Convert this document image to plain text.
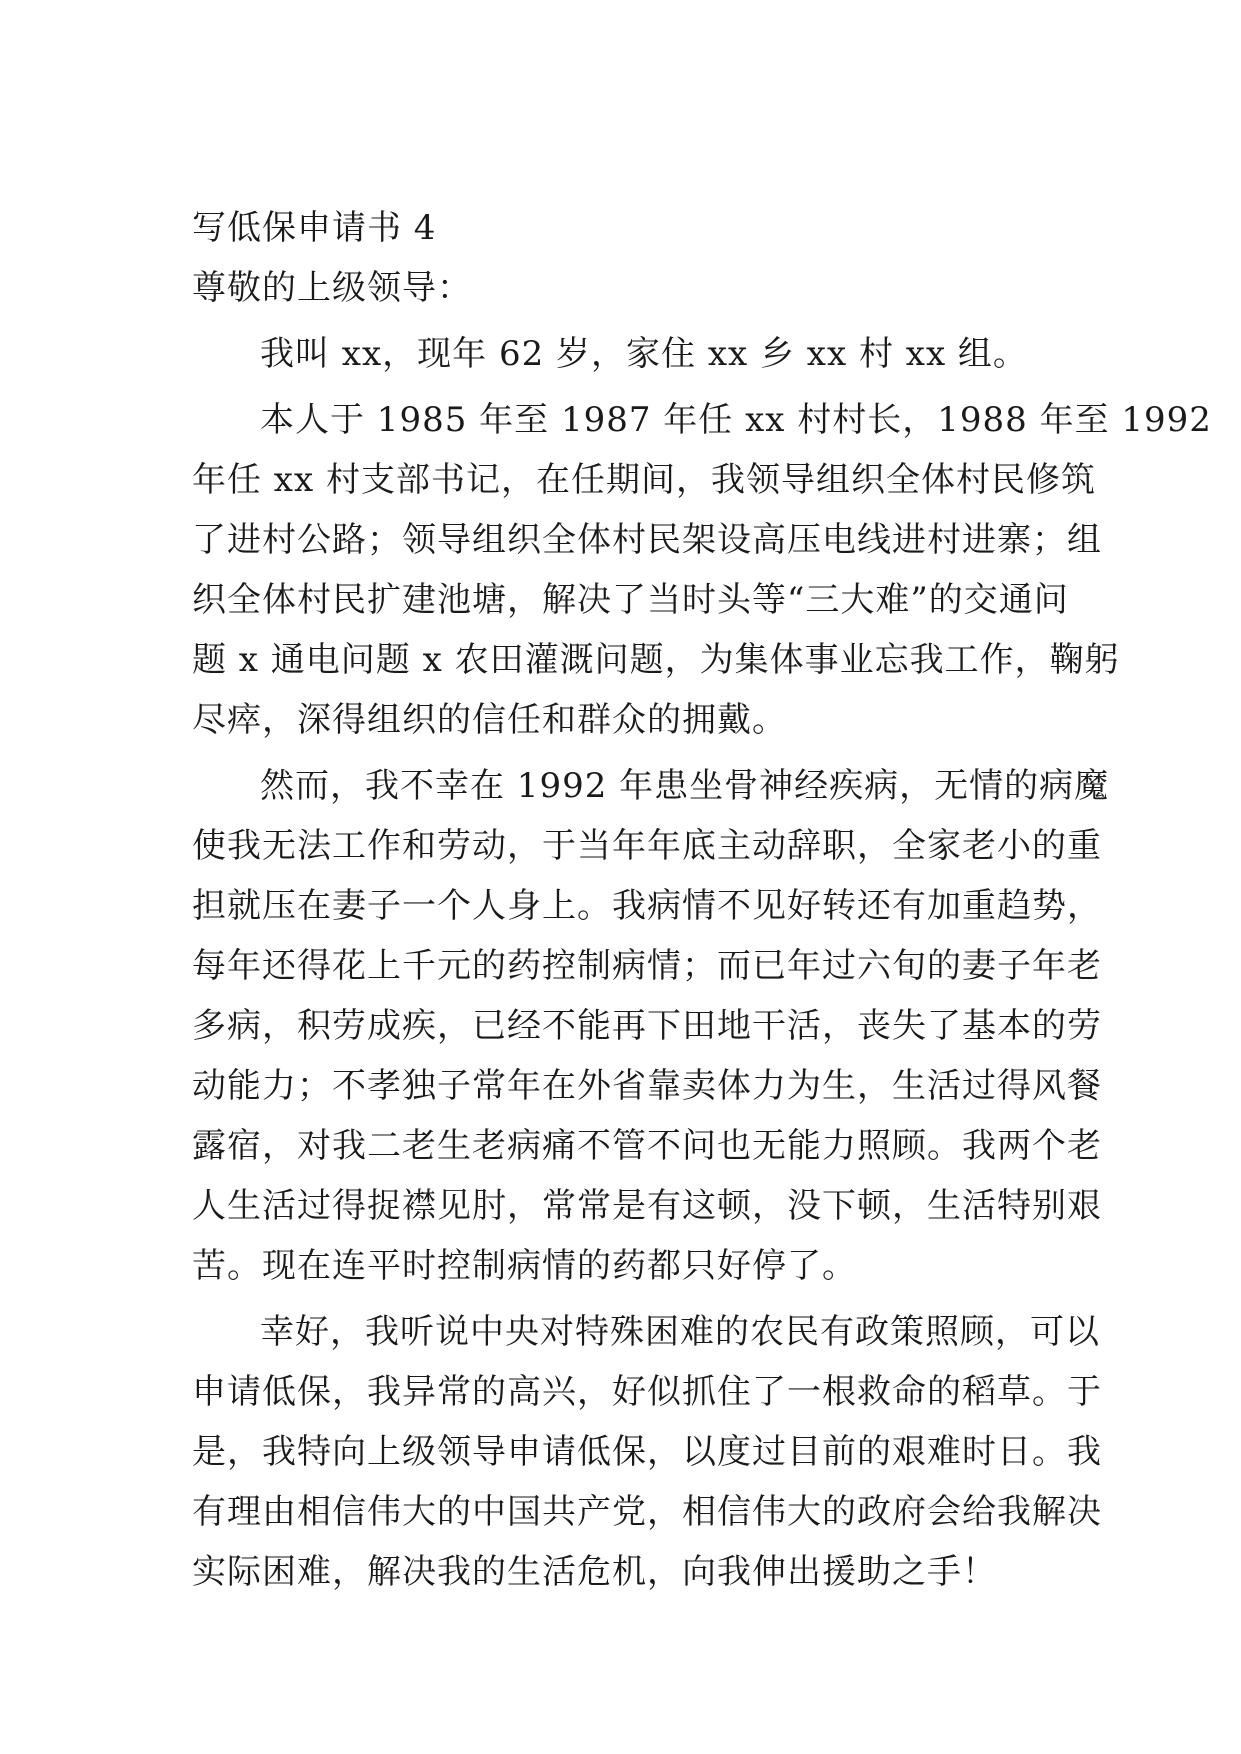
写低保申请书 4

尊敬的上级领导：

我叫 xx，现年 62 岁，家住 xx 乡 xx 村 xx 组。

本人于 1985 年至 1987 年任 xx 村村长，1988 年至 1992

年任 xx 村支部书记，在任期间，我领导组织全体村民修筑

了进村公路；领导组织全体村民架设高压电线进村进寨；组

织全体村民扩建池塘，解决了当时头等“三大难”的交通问

题 x 通电问题 x 农田灌溉问题，为集体事业忘我工作，鞠躬

尽瘁，深得组织的信任和群众的拥戴。

然而，我不幸在 1992 年患坐骨神经疾病，无情的病魔

使我无法工作和劳动，于当年年底主动辞职，全家老小的重

担就压在妻子一个人身上。我病情不见好转还有加重趋势，

每年还得花上千元的药控制病情；而已年过六旬的妻子年老

多病，积劳成疾，已经不能再下田地干活，丧失了基本的劳

动能力；不孝独子常年在外省靠卖体力为生，生活过得风餐

露宿，对我二老生老病痛不管不问也无能力照顾。我两个老

人生活过得捉襟见肘，常常是有这顿，没下顿，生活特别艰

苦。现在连平时控制病情的药都只好停了。

幸好，我听说中央对特殊困难的农民有政策照顾，可以

申请低保，我异常的高兴，好似抓住了一根救命的稻草。于

是，我特向上级领导申请低保，以度过目前的艰难时日。我

有理由相信伟大的中国共产党，相信伟大的政府会给我解决

实际困难，解决我的生活危机，向我伸出援助之手！
